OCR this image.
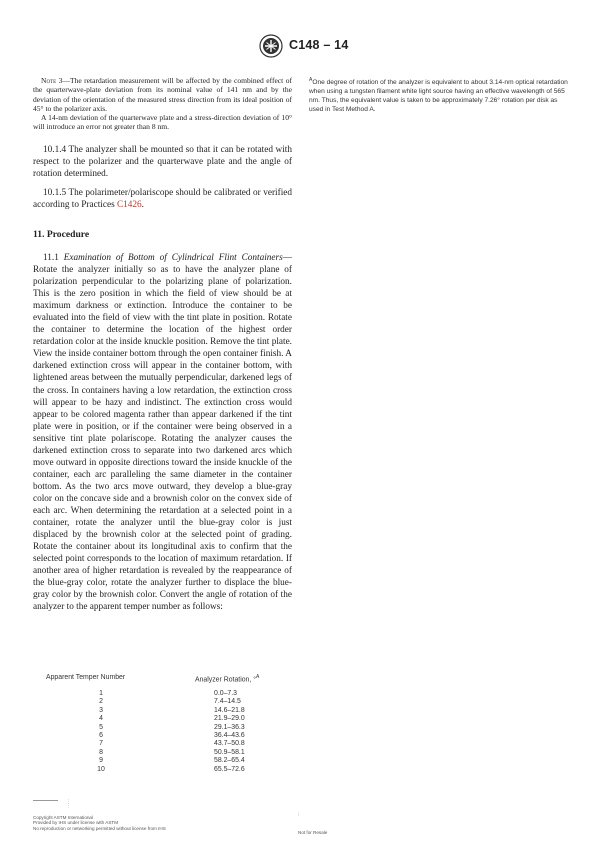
C148 – 14

Note 3—The retardation measurement will be affected by the combined effect of the quarterwave-plate deviation from its nominal value of 141 nm and by the deviation of the orientation of the measured stress direction from its ideal position of 45° to the polarizer axis.

A 14-nm deviation of the quarterwave plate and a stress-direction deviation of 10° will introduce an error not greater than 8 nm.

10.1.4 The analyzer shall be mounted so that it can be rotated with respect to the polarizer and the quarterwave plate and the angle of rotation determined.

10.1.5 The polarimeter/polariscope should be calibrated or verified according to Practices C1426.

11. Procedure

11.1 Examination of Bottom of Cylindrical Flint Containers—Rotate the analyzer initially so as to have the analyzer plane of polarization perpendicular to the polarizing plane of polarization. This is the zero position in which the field of view should be at maximum darkness or extinction. Introduce the container to be evaluated into the field of view with the tint plate in position. Rotate the container to determine the location of the highest order retardation color at the inside knuckle position. Remove the tint plate. View the inside container bottom through the open container finish. A darkened extinction cross will appear in the container bottom, with lightened areas between the mutually perpendicular, darkened legs of the cross. In containers having a low retardation, the extinction cross will appear to be hazy and indistinct. The extinction cross would appear to be colored magenta rather than appear darkened if the tint plate were in position, or if the container were being observed in a sensitive tint plate polariscope. Rotating the analyzer causes the darkened extinction cross to separate into two darkened arcs which move outward in opposite directions toward the inside knuckle of the container, each arc paralleling the same diameter in the container bottom. As the two arcs move outward, they develop a blue-gray color on the concave side and a brownish color on the convex side of each arc. When determining the retardation at a selected point in a container, rotate the analyzer until the blue-gray color is just displaced by the brownish color at the selected point of grading. Rotate the container about its longitudinal axis to confirm that the selected point corresponds to the location of maximum retardation. If another area of higher retardation is revealed by the reappearance of the blue-gray color, rotate the analyzer further to displace the blue-gray color by the brownish color. Convert the angle of rotation of the analyzer to the apparent temper number as follows:

$^A$One degree of rotation of the analyzer is equivalent to about 3.14-nm optical retardation when using a tungsten filament white light source having an effective wavelength of 565 nm. Thus, the equivalent value is taken to be approximately 7.26° rotation per disk as used in Test Method A.

Apparent Temper Number	Analyzer Rotation, °$^A$
1	0.0–7.3
2	7.4–14.5
3	14.6–21.8
4	21.9–29.0
5	29.1–36.3
6	36.4–43.6
7	43.7–50.8
8	50.9–58.1
9	58.2–65.4
10	65.5–72.6
⋮
⋮
Copyright ASTM International
Provided by IHS under license with ASTM
No reproduction or networking permitted without license from IHS
;
Not for Resale
